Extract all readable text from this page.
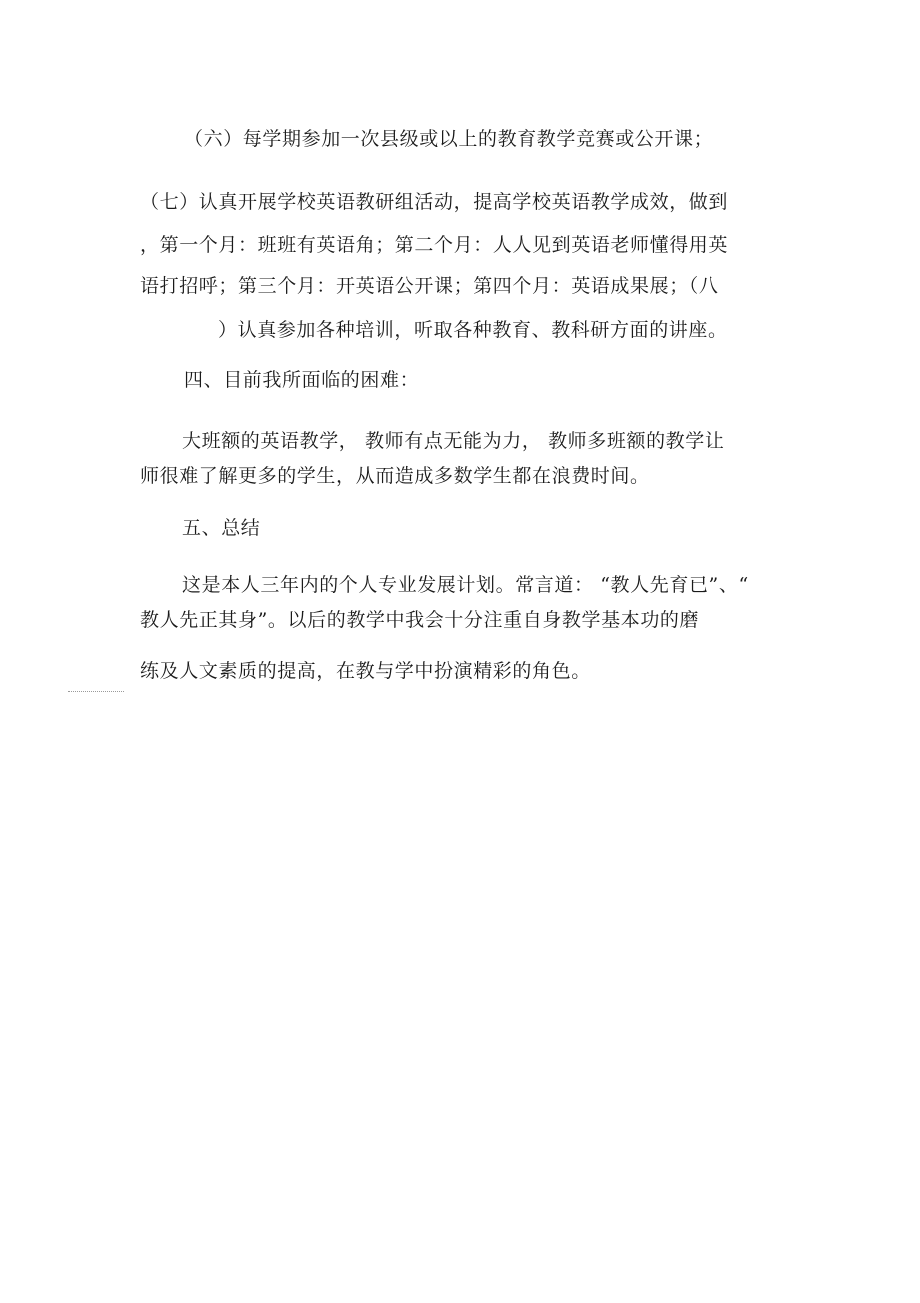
（六）每学期参加一次县级或以上的教育教学竞赛或公开课；
（七）认真开展学校英语教研组活动，提高学校英语教学成效，做到
，第一个月：班班有英语角；第二个月：人人见到英语老师懂得用英
语打招呼；第三个月：开英语公开课；第四个月：英语成果展；（八
）认真参加各种培训，听取各种教育、教科研方面的讲座。
四、目前我所面临的困难：
大班额的英语教学， 教师有点无能为力， 教师多班额的教学让
师很难了解更多的学生，从而造成多数学生都在浪费时间。
五、总结
这是本人三年内的个人专业发展计划。常言道： “教人先育已”、“
教人先正其身”。以后的教学中我会十分注重自身教学基本功的磨
练及人文素质的提高，在教与学中扮演精彩的角色。
